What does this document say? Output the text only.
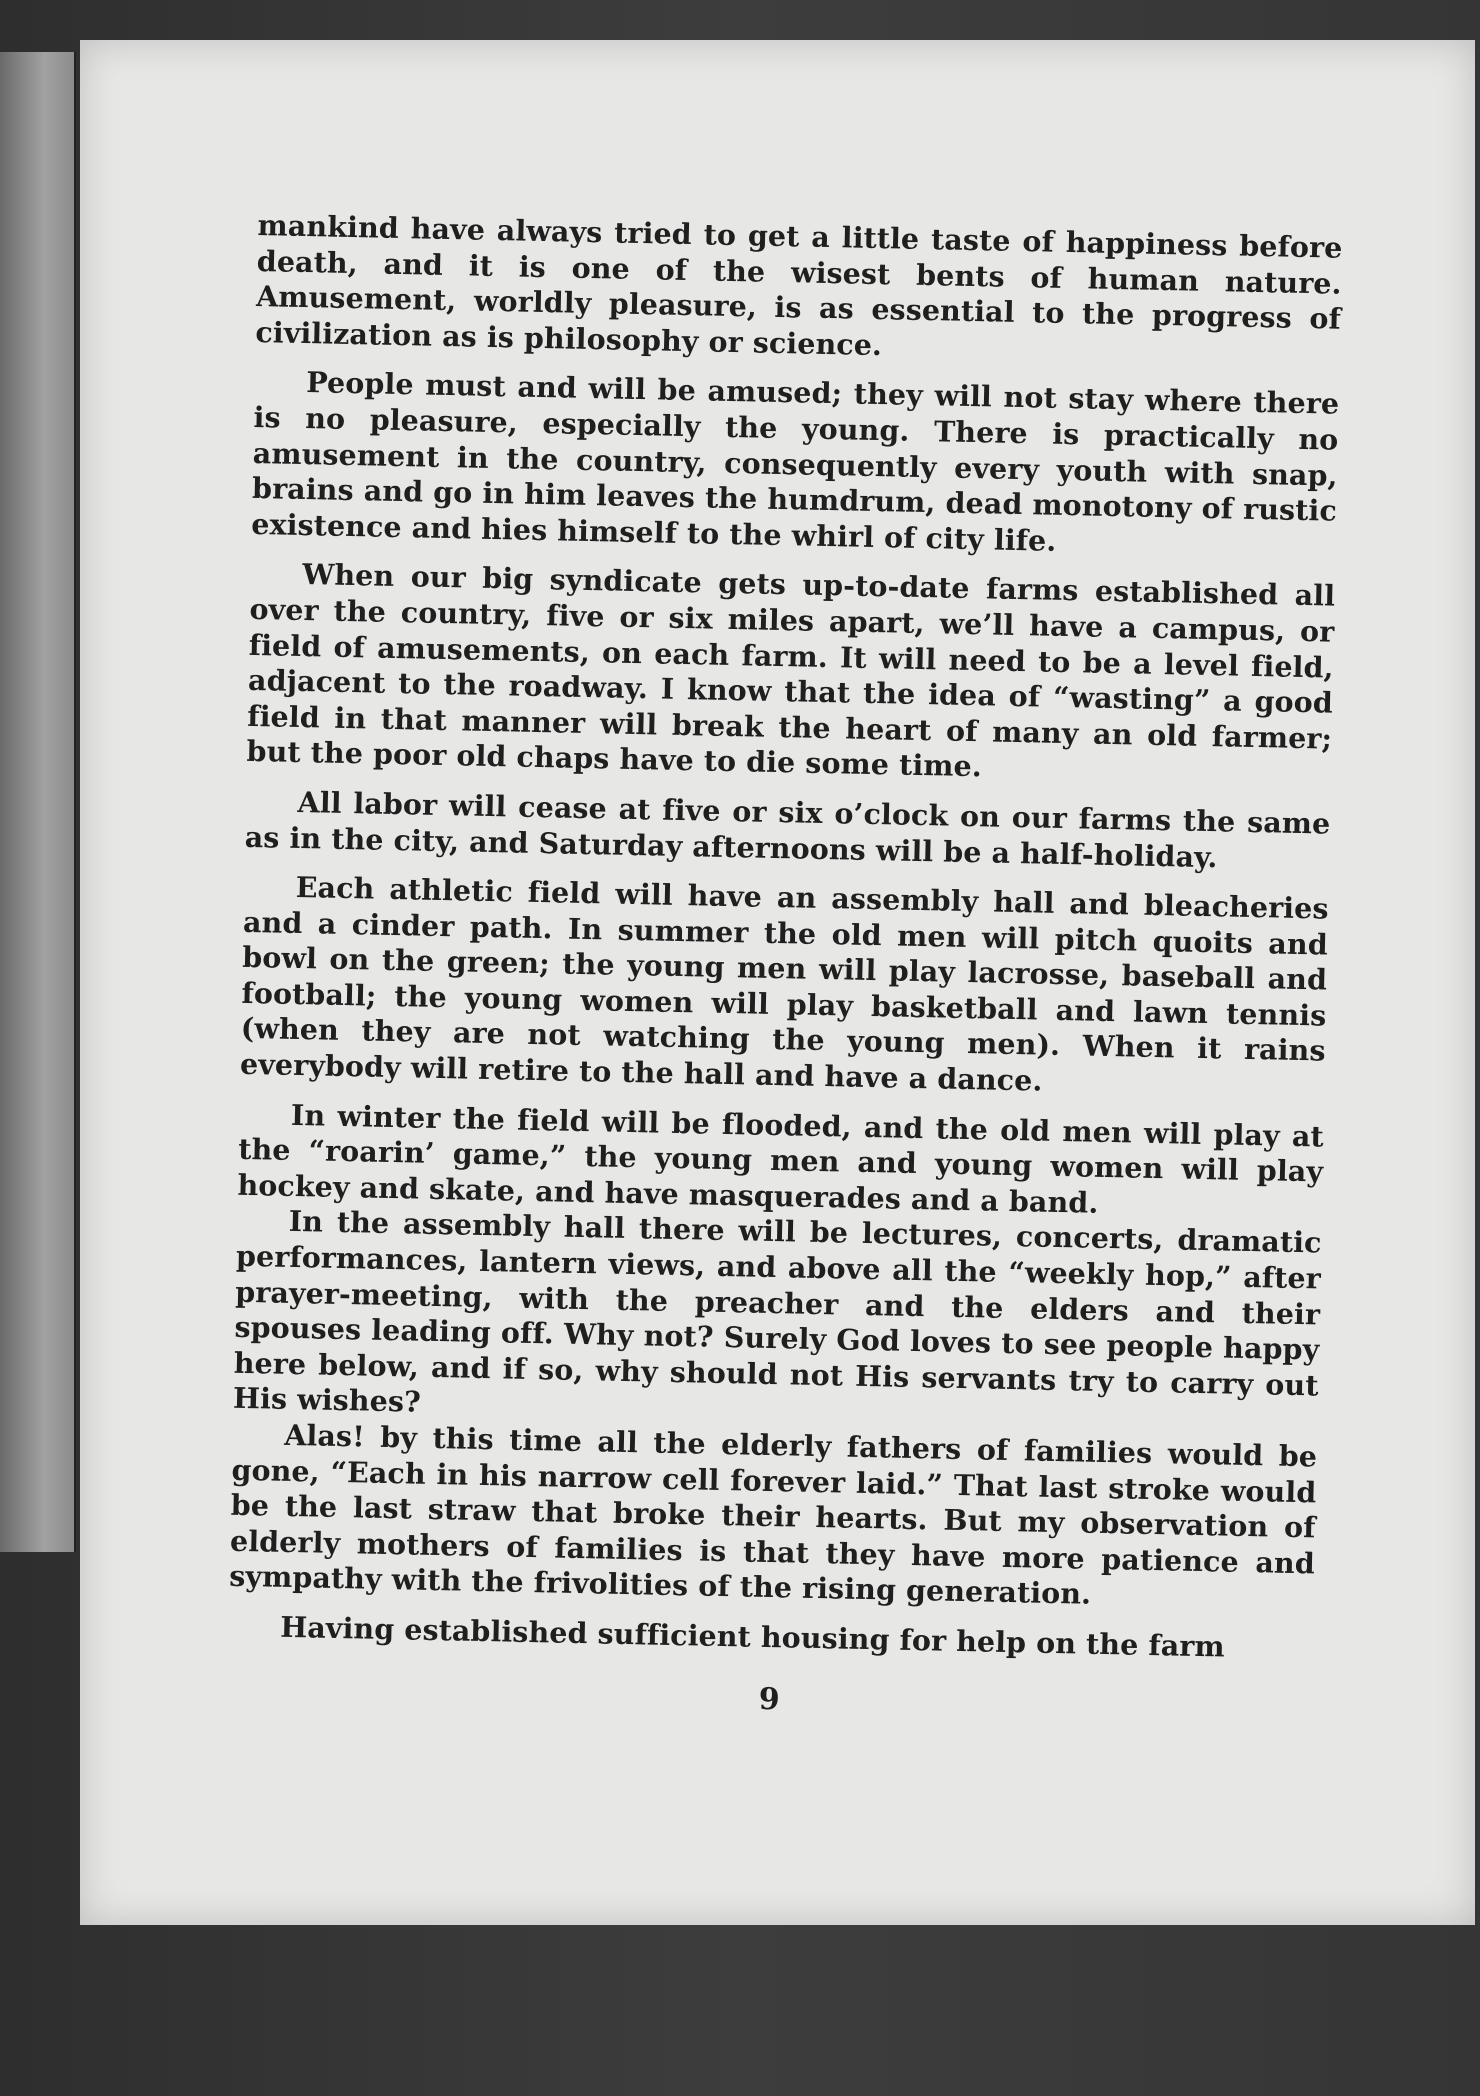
mankind have always tried to get a little taste of happiness before death, and it is one of the wisest bents of human nature. Amusement, worldly pleasure, is as essential to the progress of civilization as is philosophy or science.

People must and will be amused; they will not stay where there is no pleasure, especially the young. There is practically no amusement in the country, consequently every youth with snap, brains and go in him leaves the humdrum, dead monotony of rustic existence and hies himself to the whirl of city life.

When our big syndicate gets up-to-date farms established all over the country, five or six miles apart, we’ll have a campus, or field of amusements, on each farm. It will need to be a level field, adjacent to the roadway. I know that the idea of “wasting” a good field in that manner will break the heart of many an old farmer; but the poor old chaps have to die some time.

All labor will cease at five or six o’clock on our farms the same as in the city, and Saturday afternoons will be a half-holiday.

Each athletic field will have an assembly hall and bleacheries and a cinder path. In summer the old men will pitch quoits and bowl on the green; the young men will play lacrosse, baseball and football; the young women will play basketball and lawn tennis (when they are not watching the young men). When it rains everybody will retire to the hall and have a dance.

In winter the field will be flooded, and the old men will play at the “roarin’ game,” the young men and young women will play hockey and skate, and have masquerades and a band.

In the assembly hall there will be lectures, concerts, dramatic performances, lantern views, and above all the “weekly hop,” after prayer-meeting, with the preacher and the elders and their spouses leading off. Why not? Surely God loves to see people happy here below, and if so, why should not His servants try to carry out His wishes?

Alas! by this time all the elderly fathers of families would be gone, “Each in his narrow cell forever laid.” That last stroke would be the last straw that broke their hearts. But my observation of elderly mothers of families is that they have more patience and sympathy with the frivolities of the rising generation.

Having established sufficient housing for help on the farm

9
